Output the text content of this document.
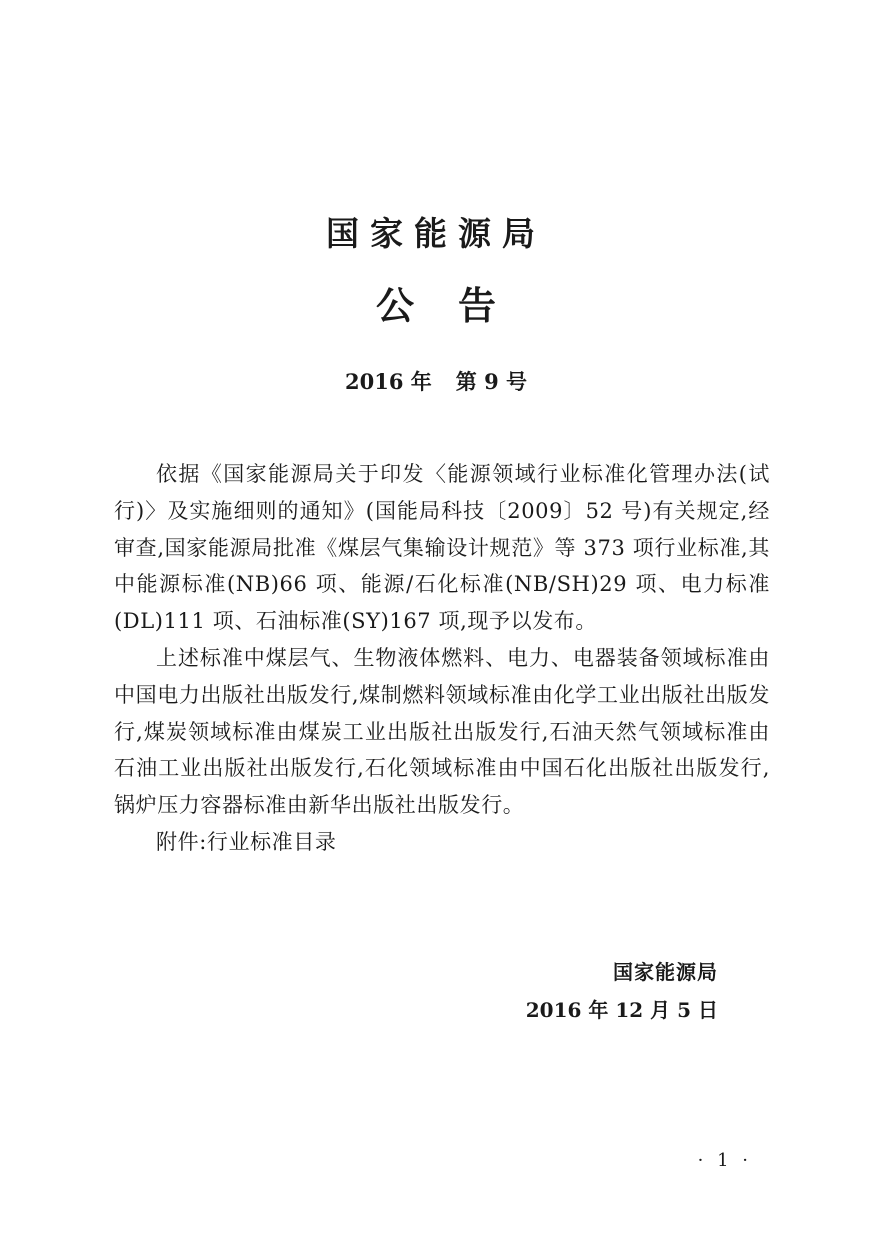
国家能源局
公告
2016 年 第 9 号

依据《国家能源局关于印发〈能源领域行业标准化管理办法(试行)〉及实施细则的通知》(国能局科技〔2009〕52 号)有关规定,经审查,国家能源局批准《煤层气集输设计规范》等 373 项行业标准,其中能源标准(NB)66 项、能源/石化标准(NB/SH)29 项、电力标准(DL)111 项、石油标准(SY)167 项,现予以发布。

上述标准中煤层气、生物液体燃料、电力、电器装备领域标准由中国电力出版社出版发行,煤制燃料领域标准由化学工业出版社出版发行,煤炭领域标准由煤炭工业出版社出版发行,石油天然气领域标准由石油工业出版社出版发行,石化领域标准由中国石化出版社出版发行,锅炉压力容器标准由新华出版社出版发行。

附件:行业标准目录

国家能源局
2016 年 12 月 5 日
· 1 ·
